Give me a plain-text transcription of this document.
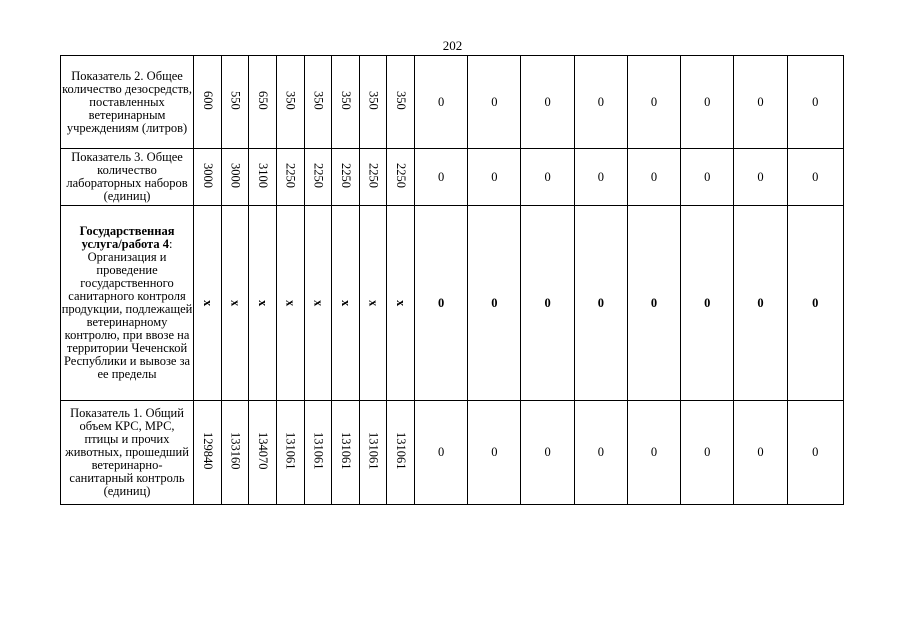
202
Показатель 2. Общее количество дезосредств, поставленных ветеринарным учреждениям (литров)	600	550	650	350	350	350	350	350	0	0	0	0	0	0	0	0
Показатель 3. Общее количество лабораторных наборов (единиц)	3000	3000	3100	2250	2250	2250	2250	2250	0	0	0	0	0	0	0	0
Государственная услуга/работа 4: Организация и проведение государственного санитарного контроля продукции, подлежащей ветеринарному контролю, при ввозе на территории Чеченской Республики и вывозе за ее пределы	x	x	x	x	x	x	x	x	0	0	0	0	0	0	0	0
Показатель 1. Общий объем КРС, МРС, птицы и прочих животных, прошедший ветеринарно-санитарный контроль (единиц)	129840	133160	134070	131061	131061	131061	131061	131061	0	0	0	0	0	0	0	0
